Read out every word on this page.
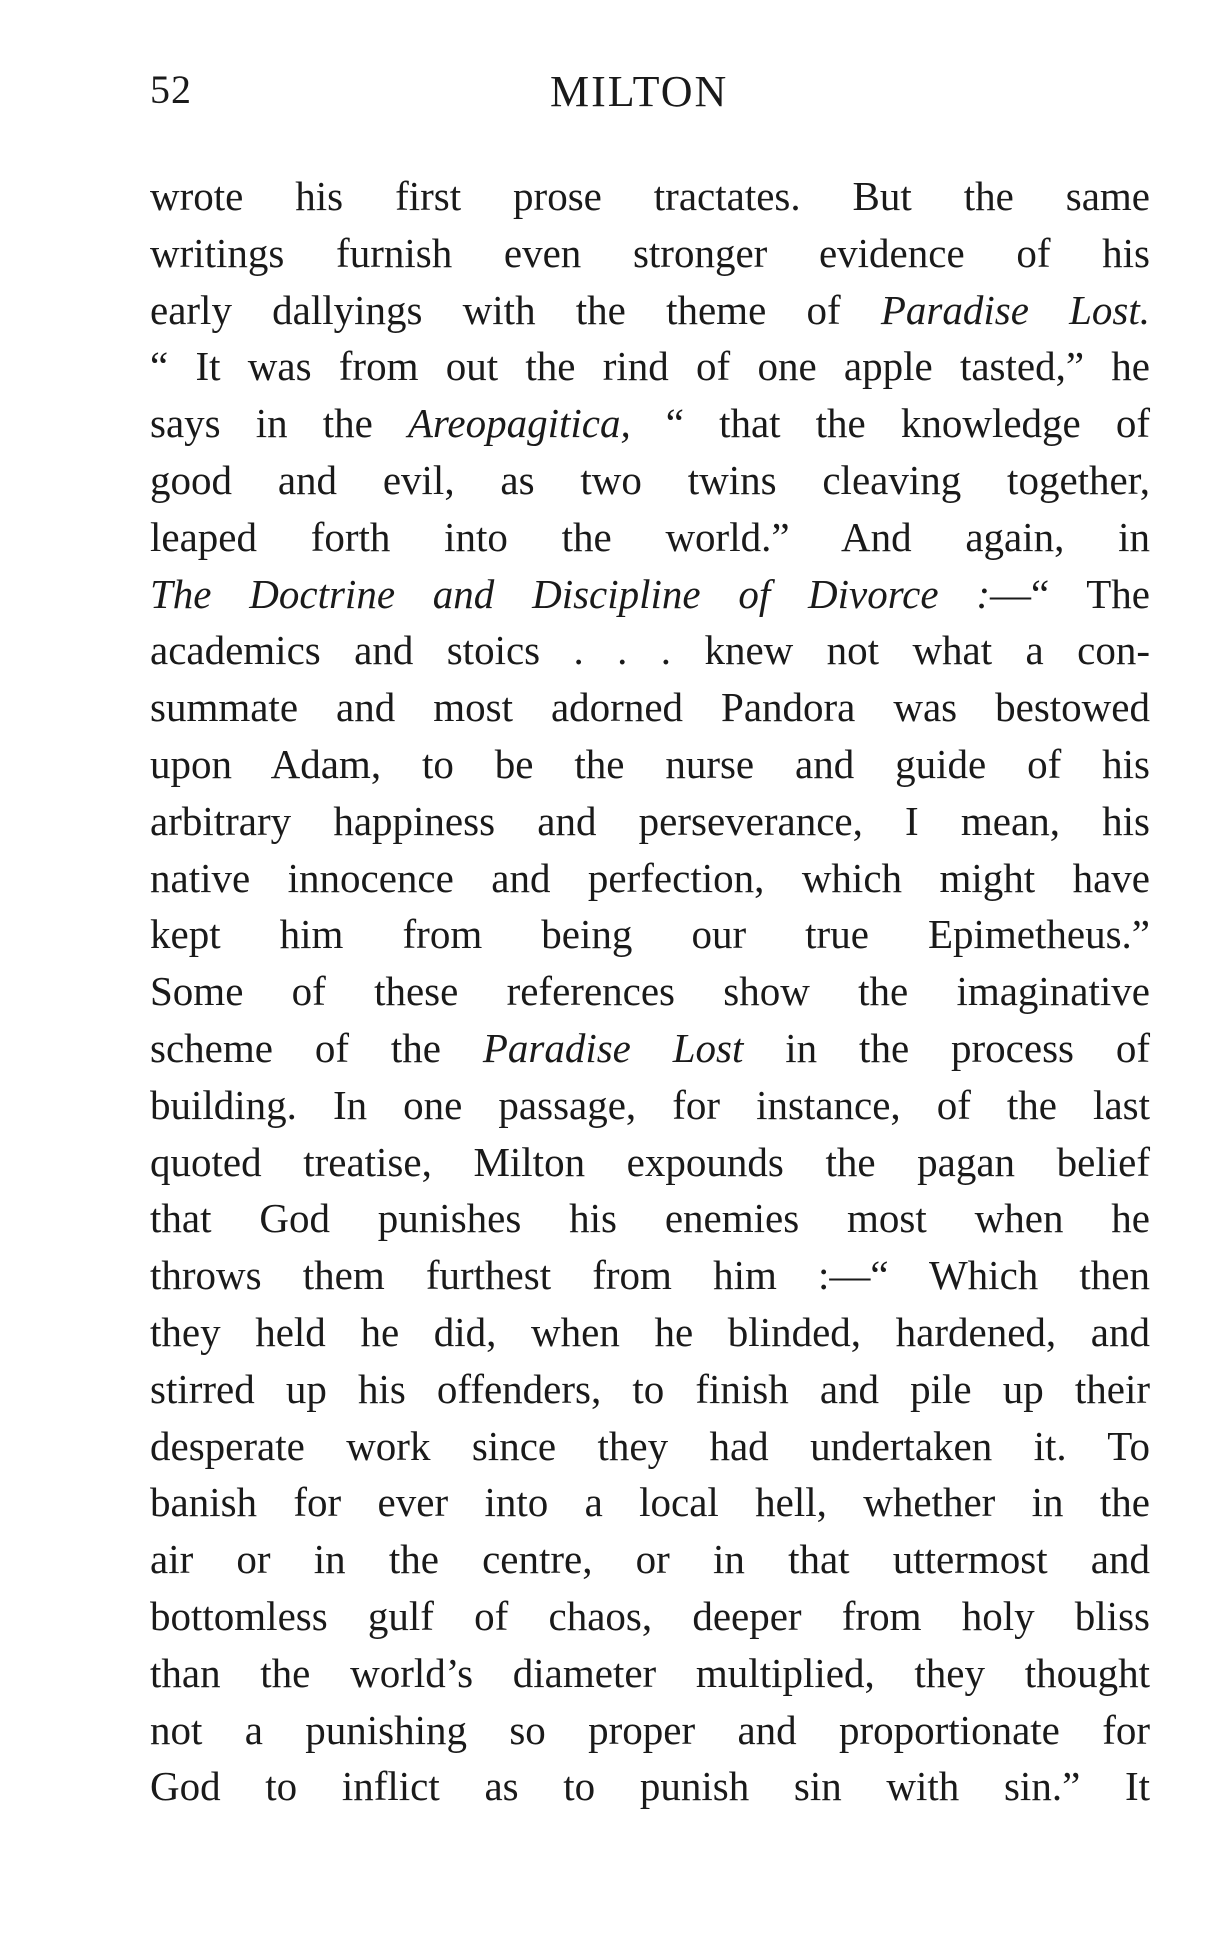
52	MILTON
wrote his first prose tractates. But the same
writings furnish even stronger evidence of his
early dallyings with the theme of Paradise Lost.
“ It was from out the rind of one apple tasted,” he
says in the Areopagitica, “ that the knowledge of
good and evil, as two twins cleaving together,
leaped forth into the world.” And again, in
The Doctrine and Discipline of Divorce :—“ The
academics and stoics . . . knew not what a con-
summate and most adorned Pandora was bestowed
upon Adam, to be the nurse and guide of his
arbitrary happiness and perseverance, I mean, his
native innocence and perfection, which might have
kept him from being our true Epimetheus.”
Some of these references show the imaginative
scheme of the Paradise Lost in the process of
building. In one passage, for instance, of the last
quoted treatise, Milton expounds the pagan belief
that God punishes his enemies most when he
throws them furthest from him :—“ Which then
they held he did, when he blinded, hardened, and
stirred up his offenders, to finish and pile up their
desperate work since they had undertaken it. To
banish for ever into a local hell, whether in the
air or in the centre, or in that uttermost and
bottomless gulf of chaos, deeper from holy bliss
than the world’s diameter multiplied, they thought
not a punishing so proper and proportionate for
God to inflict as to punish sin with sin.” It
